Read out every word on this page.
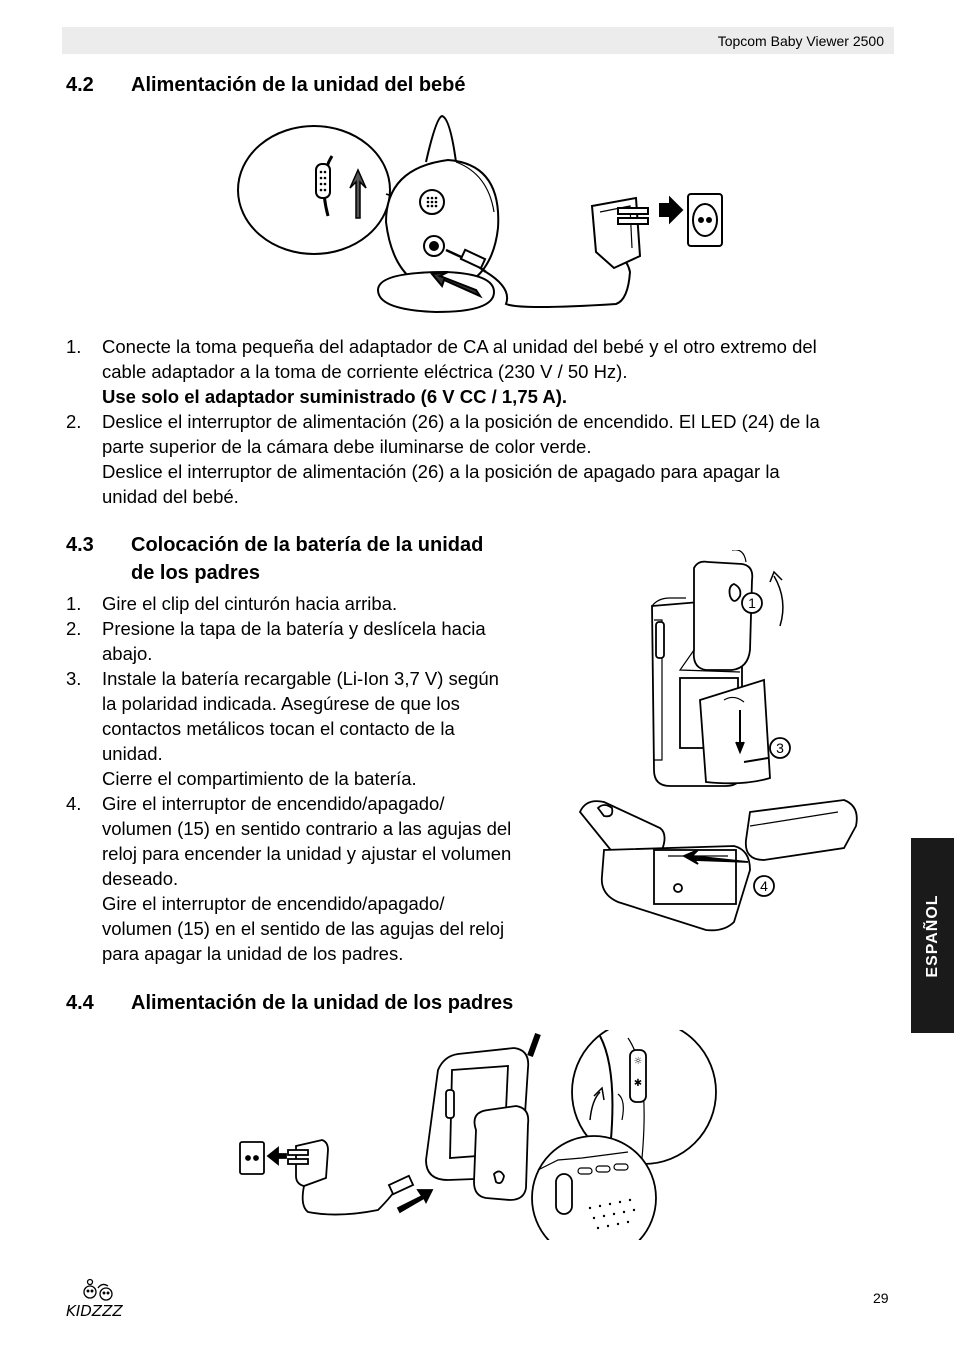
Topcom Baby Viewer 2500
4.2 Alimentación de la unidad del bebé
1. Conecte la toma pequeña del adaptador de CA al unidad del bebé y el otro extremo del
cable adaptador a la toma de corriente eléctrica (230 V / 50 Hz).
Use solo el adaptador suministrado (6 V CC / 1,75 A).
2. Deslice el interruptor de alimentación (26) a la posición de encendido. El LED (24) de la
parte superior de la cámara debe iluminarse de color verde.
Deslice el interruptor de alimentación (26) a la posición de apagado para apagar la
unidad del bebé.
4.3 Colocación de la batería de la unidad
de los padres
1. Gire el clip del cinturón hacia arriba.
2. Presione la tapa de la batería y deslícela hacia
abajo.
3. Instale la batería recargable (Li-Ion 3,7 V) según
la polaridad indicada. Asegúrese de que los
contactos metálicos tocan el contacto de la
unidad.
Cierre el compartimiento de la batería.
4. Gire el interruptor de encendido/apagado/
volumen (15) en sentido contrario a las agujas del
reloj para encender la unidad y ajustar el volumen
deseado.
Gire el interruptor de encendido/apagado/
volumen (15) en el sentido de las agujas del reloj
para apagar la unidad de los padres.
1
3
4
4.4 Alimentación de la unidad de los padres
☼
✱
ESPAÑOL
KIDZZZ
29
